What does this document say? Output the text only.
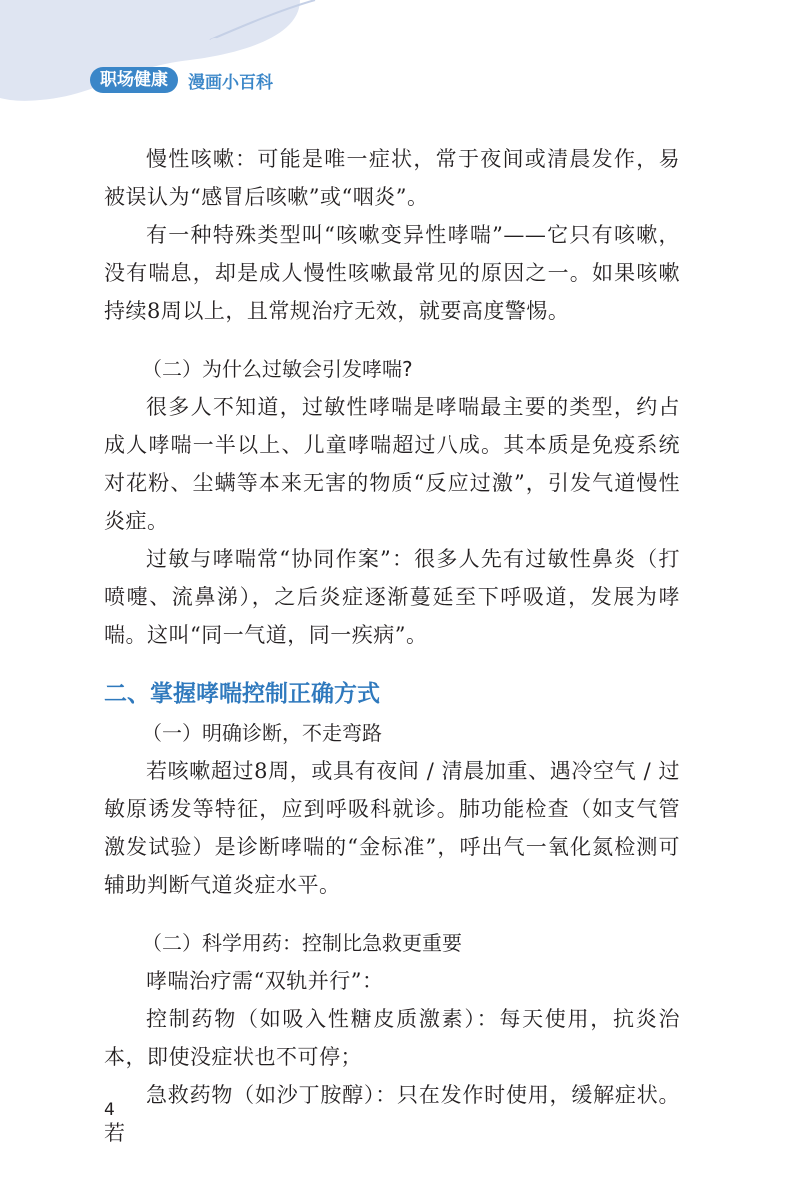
职场健康	漫画小百科

慢性咳嗽：可能是唯一症状，常于夜间或清晨发作，易被误认为“感冒后咳嗽”或“咽炎”。

有一种特殊类型叫“咳嗽变异性哮喘”——它只有咳嗽，没有喘息，却是成人慢性咳嗽最常见的原因之一。如果咳嗽持续8周以上，且常规治疗无效，就要高度警惕。

（二）为什么过敏会引发哮喘?

很多人不知道，过敏性哮喘是哮喘最主要的类型，约占成人哮喘一半以上、儿童哮喘超过八成。其本质是免疫系统对花粉、尘螨等本来无害的物质“反应过激”，引发气道慢性炎症。

过敏与哮喘常“协同作案”：很多人先有过敏性鼻炎（打喷嚏、流鼻涕），之后炎症逐渐蔓延至下呼吸道，发展为哮喘。这叫“同一气道，同一疾病”。

二、掌握哮喘控制正确方式
（一）明确诊断，不走弯路

若咳嗽超过8周，或具有夜间 / 清晨加重、遇冷空气 / 过敏原诱发等特征，应到呼吸科就诊。肺功能检查（如支气管激发试验）是诊断哮喘的“金标准”，呼出气一氧化氮检测可辅助判断气道炎症水平。

（二）科学用药：控制比急救更重要

哮喘治疗需“双轨并行”：

控制药物（如吸入性糖皮质激素）：每天使用，抗炎治本，即使没症状也不可停；

急救药物（如沙丁胺醇）：只在发作时使用，缓解症状。若

4
